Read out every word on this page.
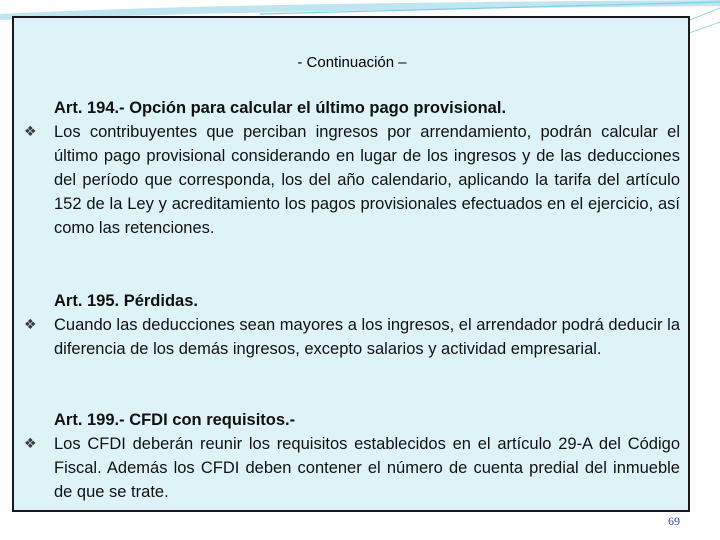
- Continuación –
Art. 194.- Opción para calcular el último pago provisional.
❖ Los contribuyentes que perciban ingresos por arrendamiento, podrán calcular el último pago provisional considerando en lugar de los ingresos y de las deducciones del período que corresponda, los del año calendario, aplicando la tarifa del artículo 152 de la Ley y acreditamiento los pagos provisionales efectuados en el ejercicio, así como las retenciones.
Art. 195. Pérdidas.
❖ Cuando las deducciones sean mayores a los ingresos, el arrendador podrá deducir la diferencia de los demás ingresos, excepto salarios y actividad empresarial.
Art. 199.- CFDI con requisitos.-
❖ Los CFDI deberán reunir los requisitos establecidos en el artículo 29-A del Código Fiscal. Además los CFDI deben contener el número de cuenta predial del inmueble de que se trate.
69
